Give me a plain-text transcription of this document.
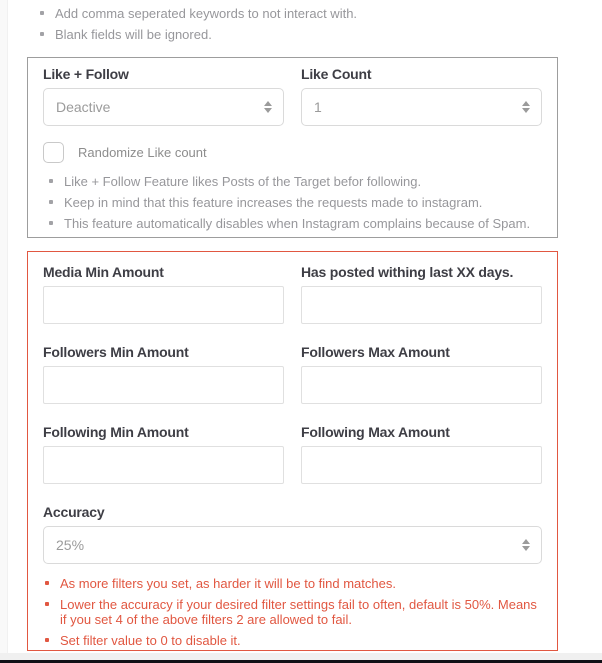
Add comma seperated keywords to not interact with.
Blank fields will be ignored.
Like + Follow
Deactive
Like Count
1
Randomize Like count
Like + Follow Feature likes Posts of the Target befor following.
Keep in mind that this feature increases the requests made to instagram.
This feature automatically disables when Instagram complains because of Spam.
Media Min Amount	Has posted withing last XX days.
Followers Min Amount	Followers Max Amount
Following Min Amount	Following Max Amount
Accuracy
25%
As more filters you set, as harder it will be to find matches.
Lower the accuracy if your desired filter settings fail to often, default is 50%. Means if you set 4 of the above filters 2 are allowed to fail.
Set filter value to 0 to disable it.
